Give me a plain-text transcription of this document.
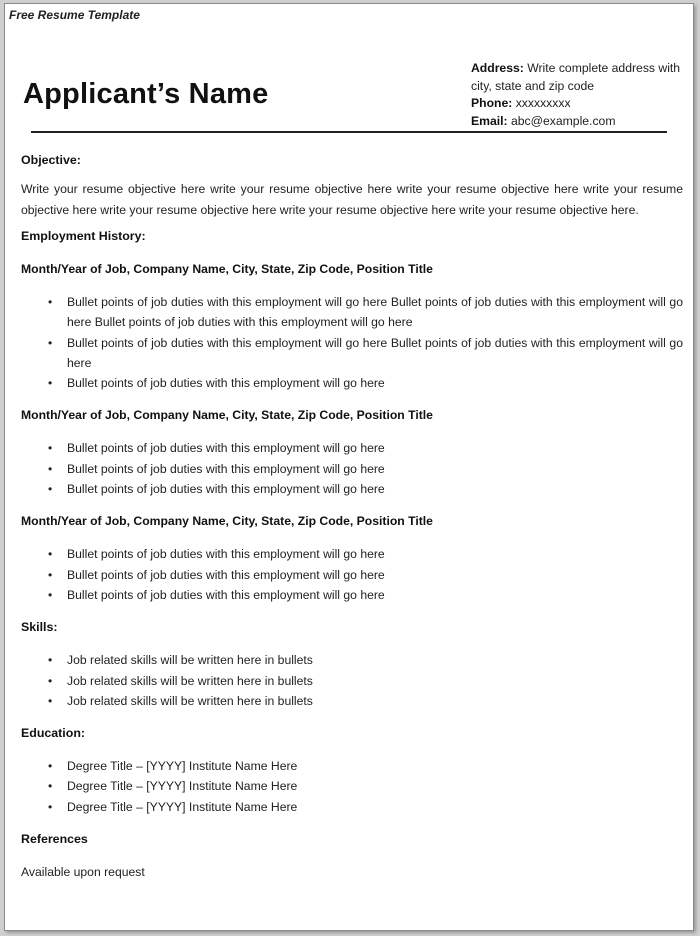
Free Resume Template
Applicant’s Name
Address: Write complete address with city, state and zip code
Phone: xxxxxxxxx
Email: abc@example.com
Objective:

Write your resume objective here write your resume objective here write your resume objective here write your resume objective here write your resume objective here write your resume objective here write your resume objective here.

Employment History:
Month/Year of Job, Company Name, City, State, Zip Code, Position Title
• Bullet points of job duties with this employment will go here Bullet points of job duties with this employment will go here Bullet points of job duties with this employment will go here
• Bullet points of job duties with this employment will go here Bullet points of job duties with this employment will go here
• Bullet points of job duties with this employment will go here
Month/Year of Job, Company Name, City, State, Zip Code, Position Title
• Bullet points of job duties with this employment will go here
• Bullet points of job duties with this employment will go here
• Bullet points of job duties with this employment will go here
Month/Year of Job, Company Name, City, State, Zip Code, Position Title
• Bullet points of job duties with this employment will go here
• Bullet points of job duties with this employment will go here
• Bullet points of job duties with this employment will go here
Skills:
• Job related skills will be written here in bullets
• Job related skills will be written here in bullets
• Job related skills will be written here in bullets
Education:
• Degree Title – [YYYY] Institute Name Here
• Degree Title – [YYYY] Institute Name Here
• Degree Title – [YYYY] Institute Name Here
References
Available upon request
